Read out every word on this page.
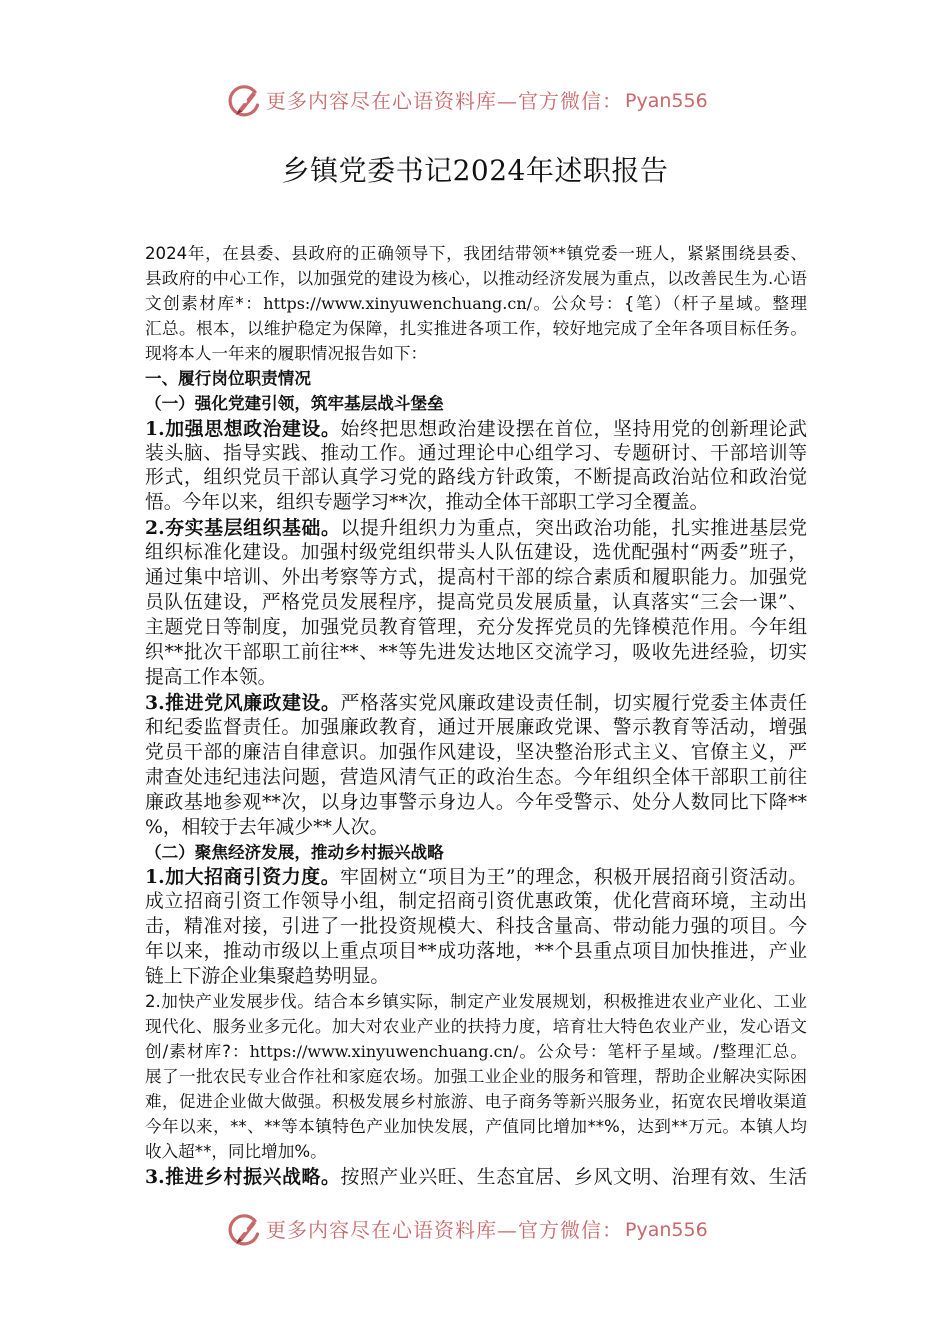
更多内容尽在心语资料库—官方微信： Pyan556
乡镇党委书记2024年述职报告
2024年，在县委、县政府的正确领导下，我团结带领**镇党委一班人，紧紧围绕县委、
县政府的中心工作，以加强党的建设为核心，以推动经济发展为重点，以改善民生为.心语
文创素材库*：https://www.xinyuwenchuang.cn/。公众号：{笔）（杆子星域。整理
汇总。根本，以维护稳定为保障，扎实推进各项工作，较好地完成了全年各项目标任务。
现将本人一年来的履职情况报告如下：
一、履行岗位职责情况
（一）强化党建引领，筑牢基层战斗堡垒
1.加强思想政治建设。始终把思想政治建设摆在首位，坚持用党的创新理论武
装头脑、指导实践、推动工作。通过理论中心组学习、专题研讨、干部培训等
形式，组织党员干部认真学习党的路线方针政策，不断提高政治站位和政治觉
悟。今年以来，组织专题学习**次，推动全体干部职工学习全覆盖。
2.夯实基层组织基础。以提升组织力为重点，突出政治功能，扎实推进基层党
组织标准化建设。加强村级党组织带头人队伍建设，选优配强村“两委”班子，
通过集中培训、外出考察等方式，提高村干部的综合素质和履职能力。加强党
员队伍建设，严格党员发展程序，提高党员发展质量，认真落实“三会一课”、
主题党日等制度，加强党员教育管理，充分发挥党员的先锋模范作用。今年组
织**批次干部职工前往**、**等先进发达地区交流学习，吸收先进经验，切实
提高工作本领。
3.推进党风廉政建设。严格落实党风廉政建设责任制，切实履行党委主体责任
和纪委监督责任。加强廉政教育，通过开展廉政党课、警示教育等活动，增强
党员干部的廉洁自律意识。加强作风建设，坚决整治形式主义、官僚主义，严
肃查处违纪违法问题，营造风清气正的政治生态。今年组织全体干部职工前往
廉政基地参观**次，以身边事警示身边人。今年受警示、处分人数同比下降**
%，相较于去年减少**人次。
（二）聚焦经济发展，推动乡村振兴战略
1.加大招商引资力度。牢固树立“项目为王”的理念，积极开展招商引资活动。
成立招商引资工作领导小组，制定招商引资优惠政策，优化营商环境，主动出
击，精准对接，引进了一批投资规模大、科技含量高、带动能力强的项目。今
年以来，推动市级以上重点项目**成功落地，**个县重点项目加快推进，产业
链上下游企业集聚趋势明显。
2.加快产业发展步伐。结合本乡镇实际，制定产业发展规划，积极推进农业产业化、工业
现代化、服务业多元化。加大对农业产业的扶持力度，培育壮大特色农业产业，发心语文
创/素材库?：https://www.xinyuwenchuang.cn/。公众号：笔杆子星域。/整理汇总。
展了一批农民专业合作社和家庭农场。加强工业企业的服务和管理，帮助企业解决实际困
难，促进企业做大做强。积极发展乡村旅游、电子商务等新兴服务业，拓宽农民增收渠道
今年以来，**、**等本镇特色产业加快发展，产值同比增加**%，达到**万元。本镇人均
收入超**，同比增加%。
3.推进乡村振兴战略。按照产业兴旺、生态宜居、乡风文明、治理有效、生活
更多内容尽在心语资料库—官方微信： Pyan556
